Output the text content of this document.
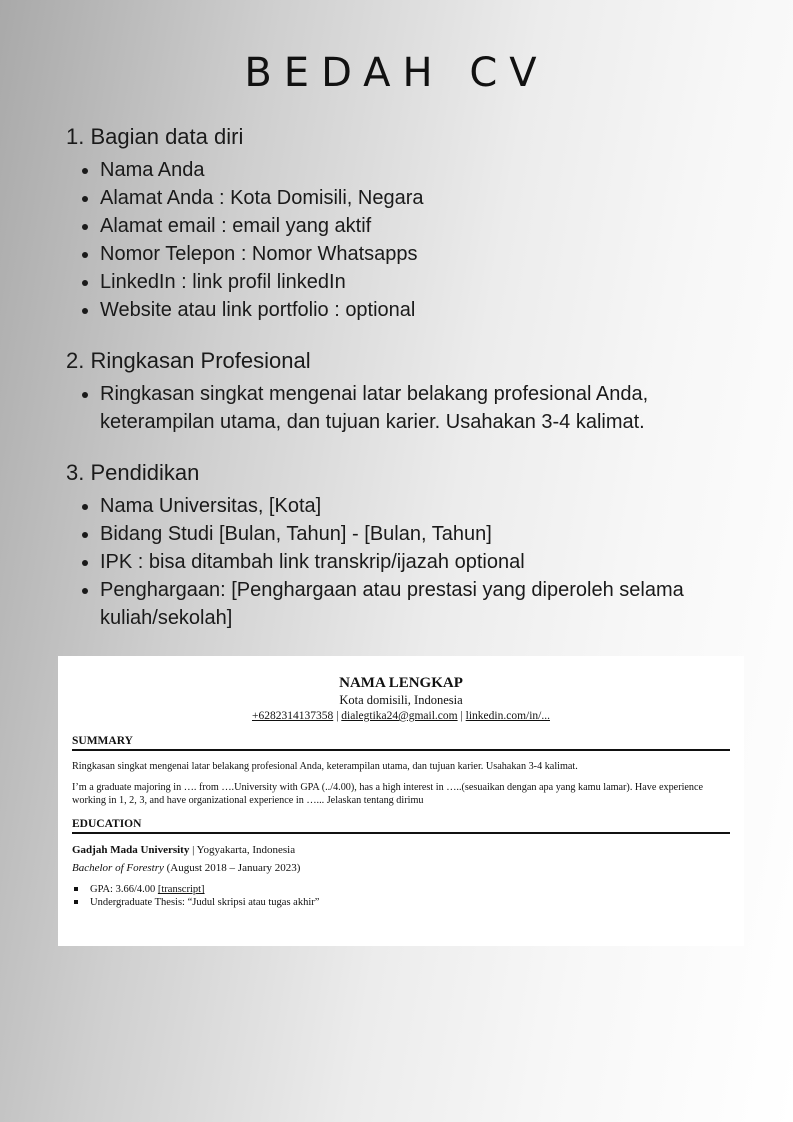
BEDAH CV
1. Bagian data diri
• Nama Anda
• Alamat Anda : Kota Domisili, Negara
• Alamat email : email yang aktif
• Nomor Telepon : Nomor Whatsapps
• LinkedIn : link profil linkedIn
• Website atau link portfolio : optional
2. Ringkasan Profesional
• Ringkasan singkat mengenai latar belakang profesional Anda, keterampilan utama, dan tujuan karier. Usahakan 3-4 kalimat.
3. Pendidikan
• Nama Universitas, [Kota]
• Bidang Studi [Bulan, Tahun] - [Bulan, Tahun]
• IPK : bisa ditambah link transkrip/ijazah optional
• Penghargaan: [Penghargaan atau prestasi yang diperoleh selama kuliah/sekolah]
NAMA LENGKAP
Kota domisili, Indonesia
+6282314137358 | dialegtika24@gmail.com | linkedin.com/in/...
SUMMARY

Ringkasan singkat mengenai latar belakang profesional Anda, keterampilan utama, dan tujuan karier. Usahakan 3-4 kalimat.

I’m a graduate majoring in …. from ….University with GPA (../4.00), has a high interest in …..(sesuaikan dengan apa yang kamu lamar). Have experience working in 1, 2, 3, and have organizational experience in …... Jelaskan tentang dirimu

EDUCATION
Gadjah Mada University | Yogyakarta, Indonesia
Bachelor of Forestry (August 2018 – January 2023)
GPA: 3.66/4.00 [transcript]
Undergraduate Thesis: “Judul skripsi atau tugas akhir”
